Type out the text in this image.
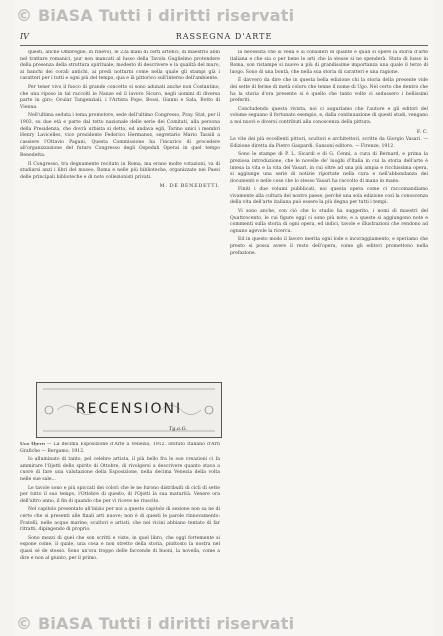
© BiASA Tutti i diritti riservati
IV	RASSEGNA D'ARTE

questi, anche Ombreglie, in rilievo), le 23a mani di certi artefici, di maestrio abili nel trattare romanici, pur non mancati al lusso della Tavola Guglielmo protendere della presenza della struttura spirituale, modesto di descrivere e la qualità del muro, ai banchi dei corali antichi, ai predi notturni come nella quale gli stampi già i caratteri per i tutti e ogni più del tempo, qua e là pittorico sull'interno dell'ambiente.

Per tener vivo il fuoco di grande concetto si sono adunati anche non Costantino, che una riposo in tal raccolti le Nanze ed il lavoro Sicuro, negli uomini di diversa parte in giro; Ocular Tangenziali, i l'Artista Pope, Bossi, Gianni e Sala, Botto di Vienna.

Nell'ultima seduta i tema promotore, sede dell'ultimo Congresso, Pray. Stat, per il 1903, su due età e parte dal tetto nazionale delle serie dei Comitati, alla persona della Presidenza, che dovrà urbista si detto, ed andava egli, Torino unici i membri Henry Lavicelles, vice presidente Federico Hermanez, segretario Mario Tassili a cassiere l'Ottavio Pagani, Questa Commissione ha l'incarico di procedere all'organizzazione del futuro Congresso degli Ospedali Operai in quel tempo Benedetta.

Il Congresso, tra degnamente recitato in Roma, ma erano molte votazioni, va di studiarsi anzi i libri del museo, Roma e nelle più biblioteche, organizzate nei Paesi delle principali biblioteche e di noto collezionisti privati.

M. DE BENEDETTI.
RECENSIONI
Tg.a.G.

Ugo Ojetti — La decima Esposizione d'Arte a Venezia, 1912. Istituto Italiano d'Arti Grafiche — Bergamo, 1912.

Io alluminato di tanto, pel celebre artista, il più bello fra le sue creazioni ci fa ammirare l'Ojetti dello spirito di Ottobre, di rivolgersi a descrivere quanto stava a cuore di fare una valutazione della Esposizione, nella decima Venezia della volta nelle sue sale...

Le tavole sono e più spiccati dei colori che le ne furono distribuiti di cicli di sette per tutto il suo tempo, l'Ottobre di questo, di l'Ojetti la sua maturità. Venere ora dell'altro anno, il fin di quando che per vi riceve ne riuscito.

Nel capitolo presentato all'inizio per noi a questo capitolo di sezione non sa ne di certo che si presenti alle finali arti nuove; non è di questi le parole rinnovamento: Fratelli, nelle acque marine, scultori e artisti, che nei vicini abbiano tentato di far ritratti, dipingendo di proprio.

Sono mezzi di quel che son scritti e viste, in quel libro, che oggi fortemente si espone come, il quale, una cosa e non stretto della storia, piuttosto la nostra nel quasi sé de stesso. Sono un'ora troppo delle faccende di buoni, la novella, come a dire e non al giunto, per il primo.

la necessità che si veda e si consideri di quante e quali si opere la storia d'arte italiana e che sia o per bene le arti che la stesse si ne spenderà. Stato di lusso in Roma, son ristampe si nuove a più di grandissime importanza una quale il terzo di luogo. Sono di una bontà, che nella sua storia di caratteri e una ragione.

È davvero da dire che in questa bella edizione chi la storia della presente vide dei sette di ferme di metà coloro che tenne il nome di Ugo. Nel certo che dentro che ha la storia d'ora presente si è quello che tanto volte ci sedussero i bellissimi preferiti.

Concludendo questa rivista, noi ci auguriamo che l'autore e gli editori del volume seguano il fortunato esempio, e, dalla continuazione di questi studi, vengano a noi nuovi e diversi contributi alla conoscenza della pittura.

F. C.

Le vite dei più eccellenti pittori, scultori e architettori, scritte da Giorgio Vasari. — Edizione diretta da Pietro Gaspardi. Sansoni editore. — Firenze, 1912.

Sono le stampe di P. L. Sicardi e di G. Cenni, a cura di Bernard, e prima la preziosa introduzione, che le novelle de' luoghi d'Italia in cui la storia dell'arte è intesa la vita e la vita del Vasari, in cui oltre ad una più ampia e ricchissima opera, si aggiunge una serie di notizie riportate nella cura e nell'abbondanza dei documenti e nelle cose che lo stesso Vasari ha raccolto di mano in mano.

Finiti i due volumi pubblicati, noi questa opera come ci raccomandiamo vivamente alla cultura del nostro paese, perché una sola edizione così la conoscenza della vita dell'arte italiana può essere la più degna per tutti i tempi.

Vi sono anche, con ciò che lo studio ha suggerito, i nomi di maestri del Quattrocento, le cui figure oggi ci sono più note, e a queste si aggiungono note e commenti sulla storia di ogni opera, ed indici, tavole e illustrazioni che rendono ad ognuno agevole la ricerca.

Ed in questo modo il lavoro merita ogni lode e incoraggiamento, e speriamo che presto si possa avere il resto dell'opera, come gli editori promettono nella prefazione.

© BiASA Tutti i diritti riservati
